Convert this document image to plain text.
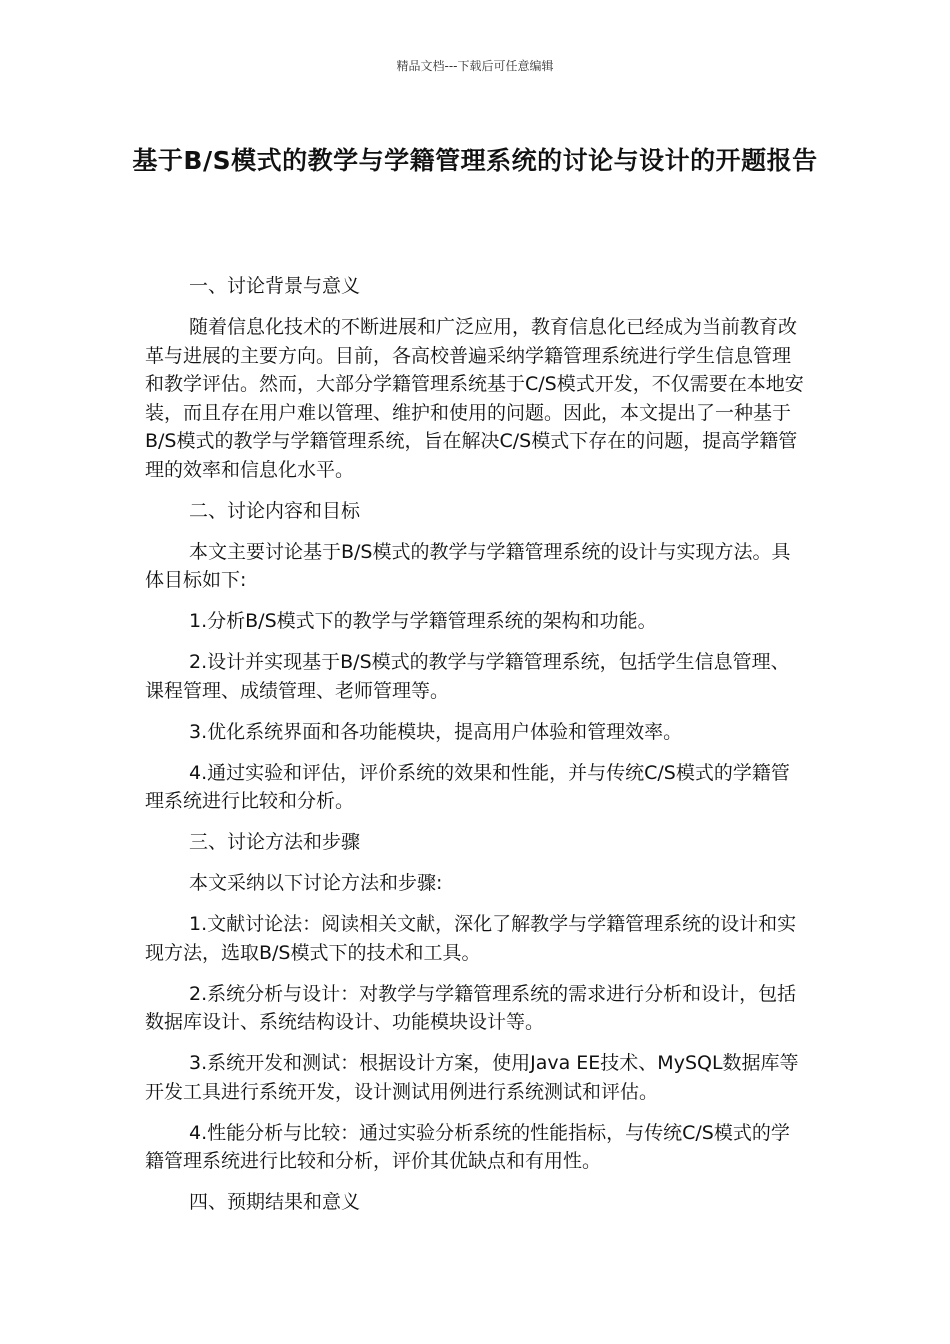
精品文档---下载后可任意编辑
基于B/S模式的教学与学籍管理系统的讨论与设计的开题报告

一、讨论背景与意义

随着信息化技术的不断进展和广泛应用，教育信息化已经成为当前教育改革与进展的主要方向。目前，各高校普遍采纳学籍管理系统进行学生信息管理和教学评估。然而，大部分学籍管理系统基于C/S模式开发，不仅需要在本地安装，而且存在用户难以管理、维护和使用的问题。因此，本文提出了一种基于B/S模式的教学与学籍管理系统，旨在解决C/S模式下存在的问题，提高学籍管理的效率和信息化水平。

二、讨论内容和目标

本文主要讨论基于B/S模式的教学与学籍管理系统的设计与实现方法。具体目标如下:

1.分析B/S模式下的教学与学籍管理系统的架构和功能。

2.设计并实现基于B/S模式的教学与学籍管理系统，包括学生信息管理、课程管理、成绩管理、老师管理等。

3.优化系统界面和各功能模块，提高用户体验和管理效率。

4.通过实验和评估，评价系统的效果和性能，并与传统C/S模式的学籍管理系统进行比较和分析。

三、讨论方法和步骤

本文采纳以下讨论方法和步骤:

1.文献讨论法：阅读相关文献，深化了解教学与学籍管理系统的设计和实现方法，选取B/S模式下的技术和工具。

2.系统分析与设计：对教学与学籍管理系统的需求进行分析和设计，包括数据库设计、系统结构设计、功能模块设计等。

3.系统开发和测试：根据设计方案，使用Java EE技术、MySQL数据库等开发工具进行系统开发，设计测试用例进行系统测试和评估。

4.性能分析与比较：通过实验分析系统的性能指标，与传统C/S模式的学籍管理系统进行比较和分析，评价其优缺点和有用性。

四、预期结果和意义
